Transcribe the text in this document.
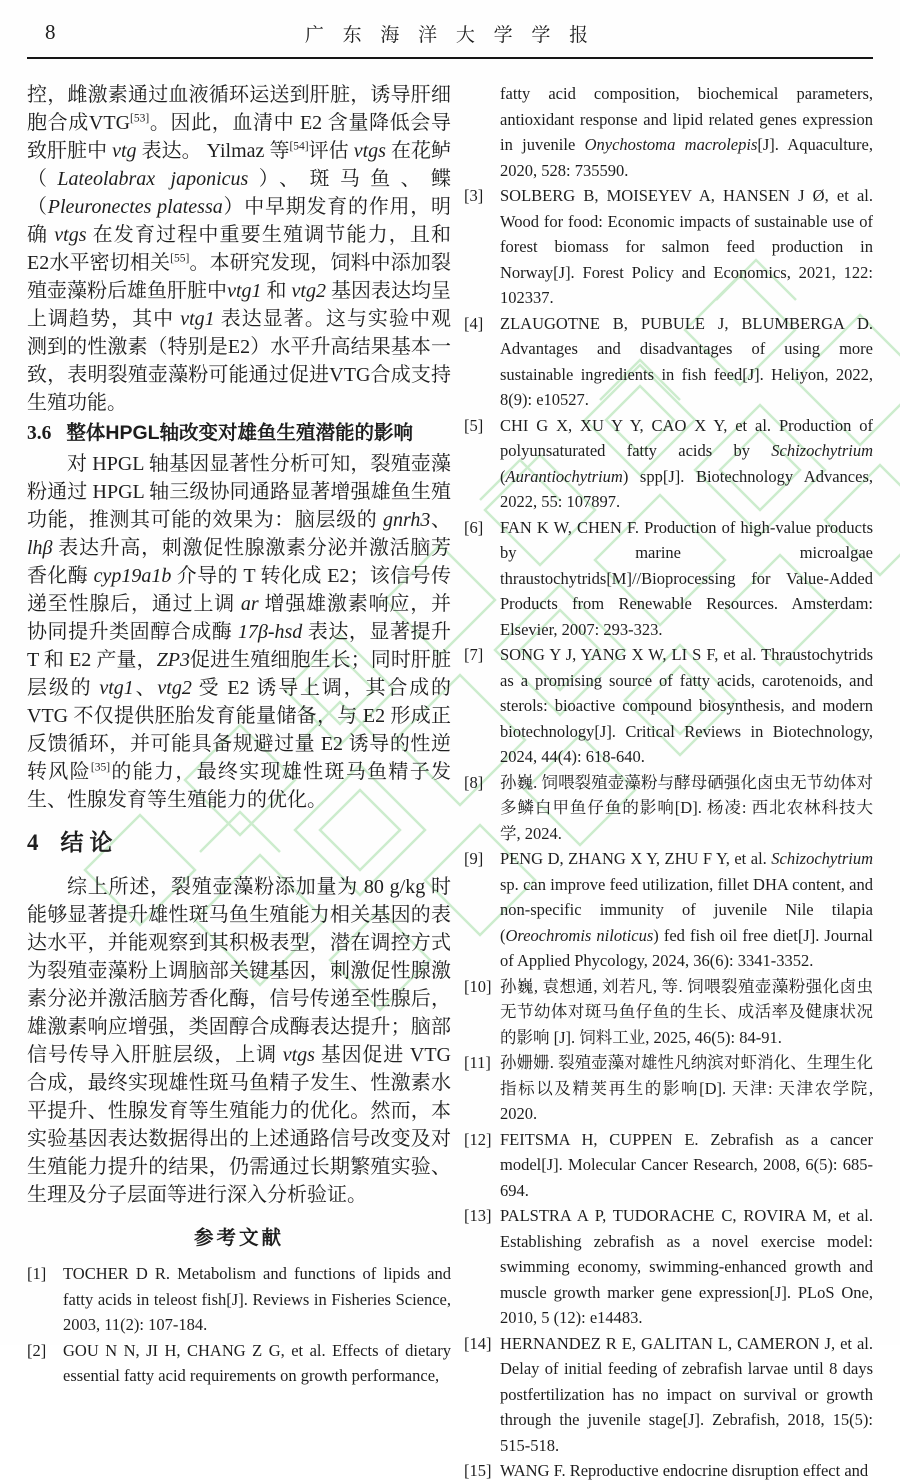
8	广 东 海 洋 大 学 学 报
控，雌激素通过血液循环运送到肝脏，诱导肝细胞合成VTG[53]。因此，血清中 E2 含量降低会导致肝脏中 vtg 表达。 Yilmaz 等[54]评估 vtgs 在花鲈（Lateolabrax japonicus）、斑马鱼、鲽（Pleuronectes platessa）中早期发育的作用，明确 vtgs 在发育过程中重要生殖调节能力，且和E2水平密切相关[55]。本研究发现，饲料中添加裂殖壶藻粉后雄鱼肝脏中vtg1 和 vtg2 基因表达均呈上调趋势，其中 vtg1 表达显著。这与实验中观测到的性激素（特别是E2）水平升高结果基本一致，表明裂殖壶藻粉可能通过促进VTG合成支持生殖功能。
3.6 整体HPGL轴改变对雄鱼生殖潜能的影响
对 HPGL 轴基因显著性分析可知，裂殖壶藻粉通过 HPGL 轴三级协同通路显著增强雄鱼生殖功能，推测其可能的效果为：脑层级的 gnrh3、lhβ 表达升高，刺激促性腺激素分泌并激活脑芳香化酶 cyp19a1b 介导的 T 转化成 E2；该信号传递至性腺后，通过上调 ar 增强雄激素响应，并协同提升类固醇合成酶 17β-hsd 表达，显著提升 T 和 E2 产量，ZP3促进生殖细胞生长；同时肝脏层级的 vtg1、vtg2 受 E2 诱导上调，其合成的 VTG 不仅提供胚胎发育能量储备，与 E2 形成正反馈循环，并可能具备规避过量 E2 诱导的性逆转风险[35]的能力，最终实现雄性斑马鱼精子发生、性腺发育等生殖能力的优化。
4 结论
综上所述，裂殖壶藻粉添加量为 80 g/kg 时能够显著提升雄性斑马鱼生殖能力相关基因的表达水平，并能观察到其积极表型，潜在调控方式为裂殖壶藻粉上调脑部关键基因，刺激促性腺激素分泌并激活脑芳香化酶，信号传递至性腺后，雄激素响应增强，类固醇合成酶表达提升；脑部信号传导入肝脏层级，上调 vtgs 基因促进 VTG 合成，最终实现雄性斑马鱼精子发生、性激素水平提升、性腺发育等生殖能力的优化。然而，本实验基因表达数据得出的上述通路信号改变及对生殖能力提升的结果，仍需通过长期繁殖实验、生理及分子层面等进行深入分析验证。
参考文献
[1] TOCHER D R. Metabolism and functions of lipids and fatty acids in teleost fish[J]. Reviews in Fisheries Science, 2003, 11(2): 107-184.
[2] GOU N N, JI H, CHANG Z G, et al. Effects of dietary essential fatty acid requirements on growth performance,
fatty acid composition, biochemical parameters, antioxidant response and lipid related genes expression in juvenile Onychostoma macrolepis[J]. Aquaculture, 2020, 528: 735590.
[3] SOLBERG B, MOISEYEV A, HANSEN J Ø, et al. Wood for food: Economic impacts of sustainable use of forest biomass for salmon feed production in Norway[J]. Forest Policy and Economics, 2021, 122: 102337.
[4] ZLAUGOTNE B, PUBULE J, BLUMBERGA D. Advantages and disadvantages of using more sustainable ingredients in fish feed[J]. Heliyon, 2022, 8(9): e10527.
[5] CHI G X, XU Y Y, CAO X Y, et al. Production of polyunsaturated fatty acids by Schizochytrium (Aurantiochytrium) spp[J]. Biotechnology Advances, 2022, 55: 107897.
[6] FAN K W, CHEN F. Production of high-value products by marine microalgae thraustochytrids[M]//Bioprocessing for Value-Added Products from Renewable Resources. Amsterdam: Elsevier, 2007: 293-323.
[7] SONG Y J, YANG X W, LI S F, et al. Thraustochytrids as a promising source of fatty acids, carotenoids, and sterols: bioactive compound biosynthesis, and modern biotechnology[J]. Critical Reviews in Biotechnology, 2024, 44(4): 618-640.
[8] 孙巍. 饲喂裂殖壶藻粉与酵母硒强化卤虫无节幼体对多鳞白甲鱼仔鱼的影响[D]. 杨凌: 西北农林科技大学, 2024.
[9] PENG D, ZHANG X Y, ZHU F Y, et al. Schizochytrium sp. can improve feed utilization, fillet DHA content, and non-specific immunity of juvenile Nile tilapia (Oreochromis niloticus) fed fish oil free diet[J]. Journal of Applied Phycology, 2024, 36(6): 3341-3352.
[10] 孙巍, 袁想通, 刘若凡, 等. 饲喂裂殖壶藻粉强化卤虫无节幼体对斑马鱼仔鱼的生长、成活率及健康状况的影响 [J]. 饲料工业, 2025, 46(5): 84-91.
[11] 孙姗姗. 裂殖壶藻对雄性凡纳滨对虾消化、生理生化指标以及精荚再生的影响[D]. 天津: 天津农学院, 2020.
[12] FEITSMA H, CUPPEN E. Zebrafish as a cancer model[J]. Molecular Cancer Research, 2008, 6(5): 685-694.
[13] PALSTRA A P, TUDORACHE C, ROVIRA M, et al. Establishing zebrafish as a novel exercise model: swimming economy, swimming-enhanced growth and muscle growth marker gene expression[J]. PLoS One, 2010, 5 (12): e14483.
[14] HERNANDEZ R E, GALITAN L, CAMERON J, et al. Delay of initial feeding of zebrafish larvae until 8 days postfertilization has no impact on survival or growth through the juvenile stage[J]. Zebrafish, 2018, 15(5): 515-518.
[15] WANG F. Reproductive endocrine disruption effect and
